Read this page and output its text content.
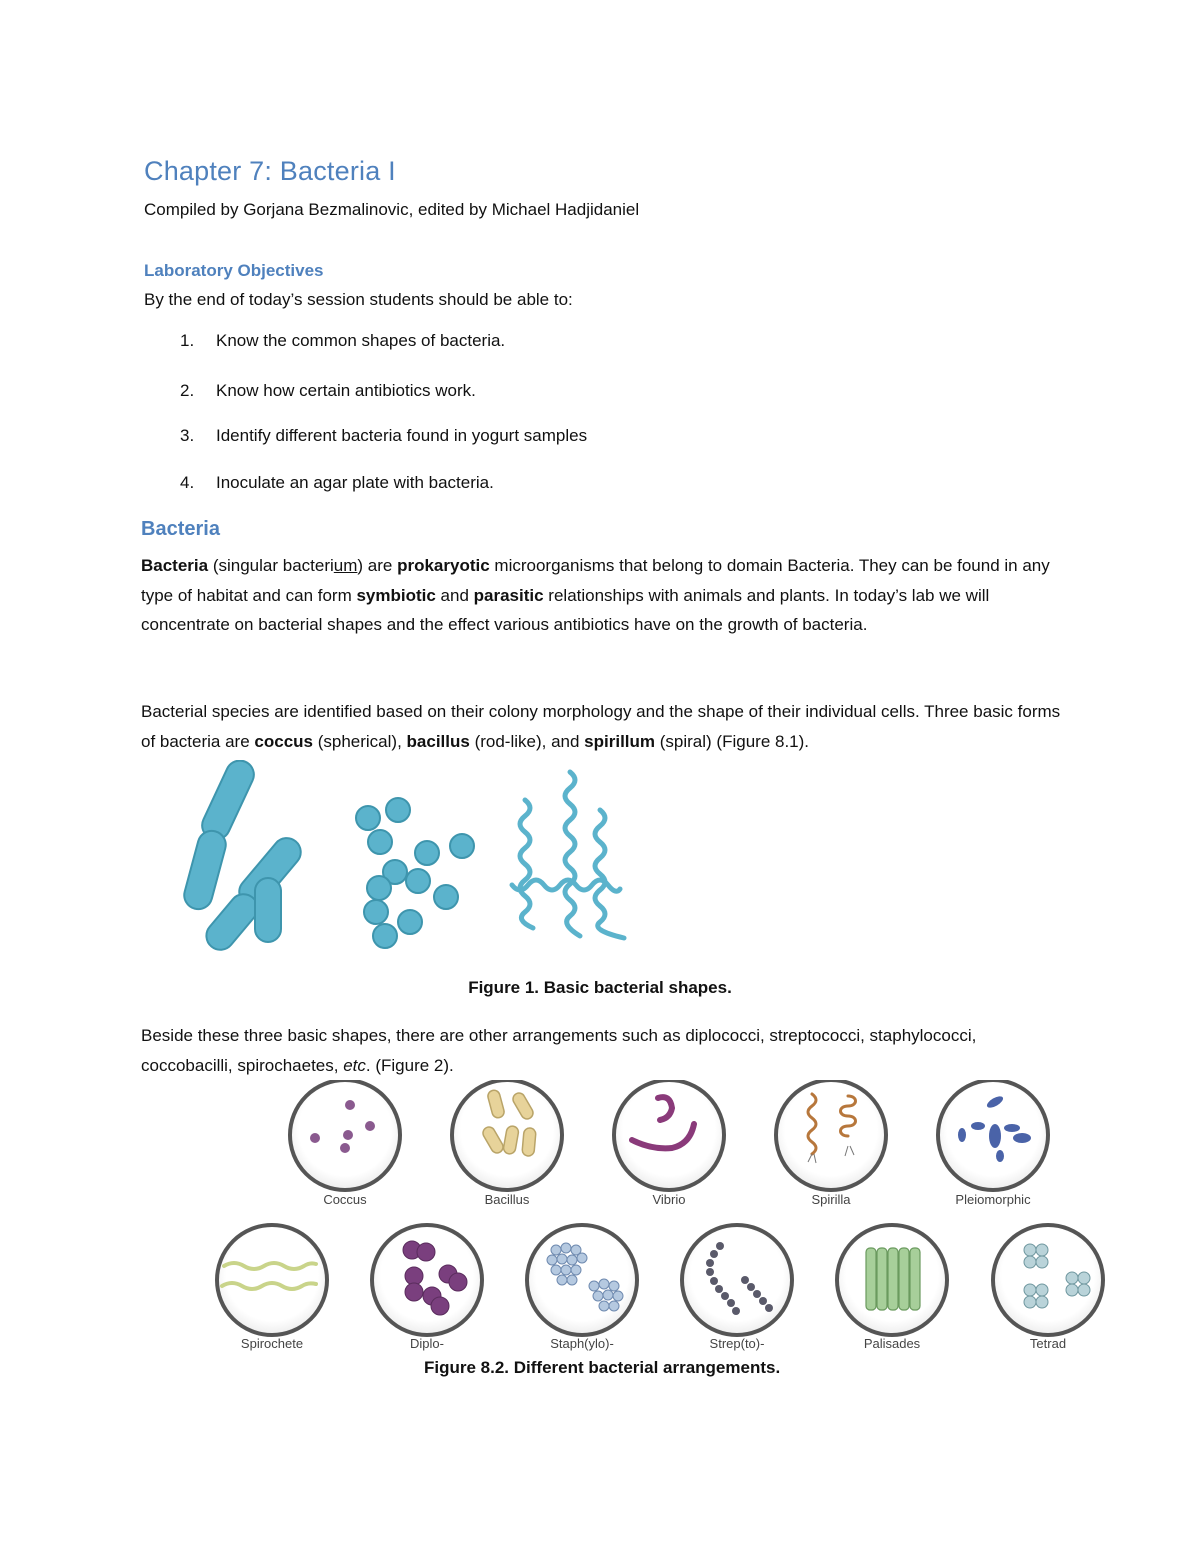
Chapter 7: Bacteria I
Compiled by Gorjana Bezmalinovic, edited by Michael Hadjidaniel
Laboratory Objectives
By the end of today’s session students should be able to:
1. Know the common shapes of bacteria.
2. Know how certain antibiotics work.
3. Identify different bacteria found in yogurt samples
4. Inoculate an agar plate with bacteria.
Bacteria
Bacteria (singular bacterium) are prokaryotic microorganisms that belong to domain Bacteria. They can be found in any type of habitat and can form symbiotic and parasitic relationships with animals and plants. In today’s lab we will concentrate on bacterial shapes and the effect various antibiotics have on the growth of bacteria.
Bacterial species are identified based on their colony morphology and the shape of their individual cells. Three basic forms of bacteria are coccus (spherical), bacillus (rod-like), and spirillum (spiral) (Figure 8.1).
Figure 1. Basic bacterial shapes.
Beside these three basic shapes, there are other arrangements such as diplococci, streptococci, staphylococci, coccobacilli, spirochaetes, etc. (Figure 2).
Coccus	Bacillus	Vibrio	Spirilla	Pleiomorphic
Spirochete	Diplo-	Staph(ylo)-	Strep(to)-	Palisades	Tetrad
Figure 8.2. Different bacterial arrangements.
